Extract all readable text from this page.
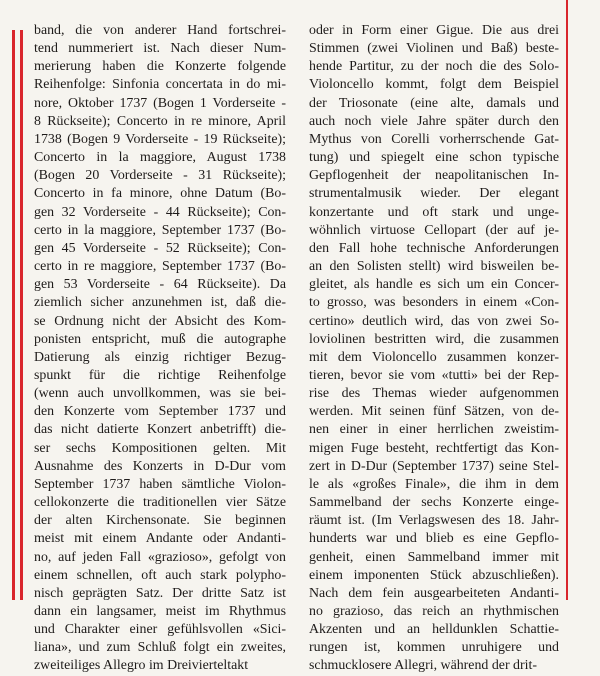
band, die von anderer Hand fortschrei-
tend nummeriert ist. Nach dieser Num-
merierung haben die Konzerte folgende
Reihenfolge: Sinfonia concertata in do mi-
nore, Oktober 1737 (Bogen 1 Vorderseite -
8 Rückseite); Concerto in re minore, April
1738 (Bogen 9 Vorderseite - 19 Rückseite);
Concerto in la maggiore, August 1738
(Bogen 20 Vorderseite - 31 Rückseite);
Concerto in fa minore, ohne Datum (Bo-
gen 32 Vorderseite - 44 Rückseite); Con-
certo in la maggiore, September 1737 (Bo-
gen 45 Vorderseite - 52 Rückseite); Con-
certo in re maggiore, September 1737 (Bo-
gen 53 Vorderseite - 64 Rückseite). Da
ziemlich sicher anzunehmen ist, daß die-
se Ordnung nicht der Absicht des Kom-
ponisten entspricht, muß die autographe
Datierung als einzig richtiger Bezug-
spunkt für die richtige Reihenfolge
(wenn auch unvollkommen, was sie bei-
den Konzerte vom September 1737 und
das nicht datierte Konzert anbetrifft) die-
ser sechs Kompositionen gelten. Mit
Ausnahme des Konzerts in D-Dur vom
September 1737 haben sämtliche Violon-
cellokonzerte die traditionellen vier Sätze
der alten Kirchensonate. Sie beginnen
meist mit einem Andante oder Andanti-
no, auf jeden Fall «grazioso», gefolgt von
einem schnellen, oft auch stark polypho-
nisch geprägten Satz. Der dritte Satz ist
dann ein langsamer, meist im Rhythmus
und Charakter einer gefühlsvollen «Sici-
liana», und zum Schluß folgt ein zweites,
zweiteiliges Allegro im Dreivierteltakt
oder in Form einer Gigue. Die aus drei
Stimmen (zwei Violinen und Baß) beste-
hende Partitur, zu der noch die des Solo-
Violoncello kommt, folgt dem Beispiel
der Triosonate (eine alte, damals und
auch noch viele Jahre später durch den
Mythus von Corelli vorherrschende Gat-
tung) und spiegelt eine schon typische
Gepflogenheit der neapolitanischen In-
strumentalmusik wieder. Der elegant
konzertante und oft stark und unge-
wöhnlich virtuose Cellopart (der auf je-
den Fall hohe technische Anforderungen
an den Solisten stellt) wird bisweilen be-
gleitet, als handle es sich um ein Concer-
to grosso, was besonders in einem «Con-
certino» deutlich wird, das von zwei So-
loviolinen bestritten wird, die zusammen
mit dem Violoncello zusammen konzer-
tieren, bevor sie vom «tutti» bei der Rep-
rise des Themas wieder aufgenommen
werden. Mit seinen fünf Sätzen, von de-
nen einer in einer herrlichen zweistim-
migen Fuge besteht, rechtfertigt das Kon-
zert in D-Dur (September 1737) seine Stel-
le als «großes Finale», die ihm in dem
Sammelband der sechs Konzerte einge-
räumt ist. (Im Verlagswesen des 18. Jahr-
hunderts war und blieb es eine Gepflo-
genheit, einen Sammelband immer mit
einem imponenten Stück abzuschließen).
Nach dem fein ausgearbeiteten Andanti-
no grazioso, das reich an rhythmischen
Akzenten und an helldunklen Schattie-
rungen ist, kommen unruhigere und
schmucklosere Allegri, während der drit-
